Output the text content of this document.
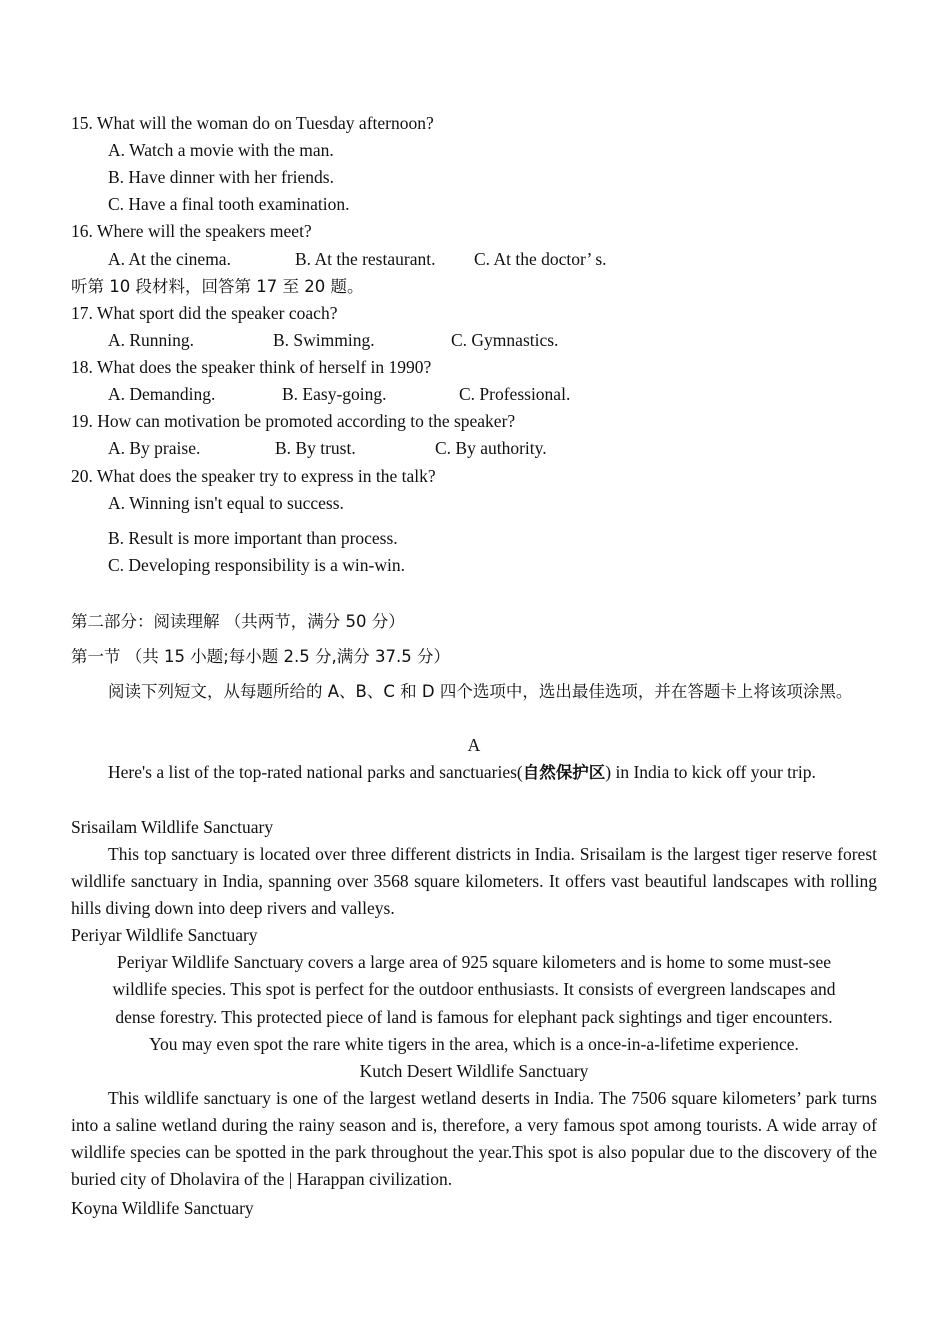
15. What will the woman do on Tuesday afternoon?
A. Watch a movie with the man.
B. Have dinner with her friends.
C. Have a final tooth examination.
16. Where will the speakers meet?
A. At the cinema.	B. At the restaurant. C. At the doctor’ s.
听第 10 段材料，回答第 17 至 20 题。
17. What sport did the speaker coach?
A. Running.	B. Swimming.	C. Gymnastics.
18. What does the speaker think of herself in 1990?
A. Demanding.	B. Easy-going.	C. Professional.
19. How can motivation be promoted according to the speaker?
A. By praise.	B. By trust.	C. By authority.
20. What does the speaker try to express in the talk?
A. Winning isn't equal to success.
B. Result is more important than process.
C. Developing responsibility is a win-win.
第二部分：阅读理解 （共两节，满分 50 分）
第一节 （共 15 小题;每小题 2.5 分,满分 37.5 分）
阅读下列短文，从每题所给的 A、B、C 和 D 四个选项中，选出最佳选项，并在答题卡上将该项涂黑。
A
Here's a list of the top-rated national parks and sanctuaries(自然保护区) in India to kick off your trip.
Srisailam Wildlife Sanctuary
This top sanctuary is located over three different districts in India. Srisailam is the largest tiger reserve forest wildlife sanctuary in India, spanning over 3568 square kilometers. It offers vast beautiful landscapes with rolling hills diving down into deep rivers and valleys.
Periyar Wildlife Sanctuary
Periyar Wildlife Sanctuary covers a large area of 925 square kilometers and is home to some must-see
wildlife species. This spot is perfect for the outdoor enthusiasts. It consists of evergreen landscapes and
dense forestry. This protected piece of land is famous for elephant pack sightings and tiger encounters.
You may even spot the rare white tigers in the area, which is a once-in-a-lifetime experience.
Kutch Desert Wildlife Sanctuary
This wildlife sanctuary is one of the largest wetland deserts in India. The 7506 square kilometers’ park turns into a saline wetland during the rainy season and is, therefore, a very famous spot among tourists. A wide array of wildlife species can be spotted in the park throughout the year.This spot is also popular due to the discovery of the buried city of Dholavira of the | Harappan civilization.
Koyna Wildlife Sanctuary
